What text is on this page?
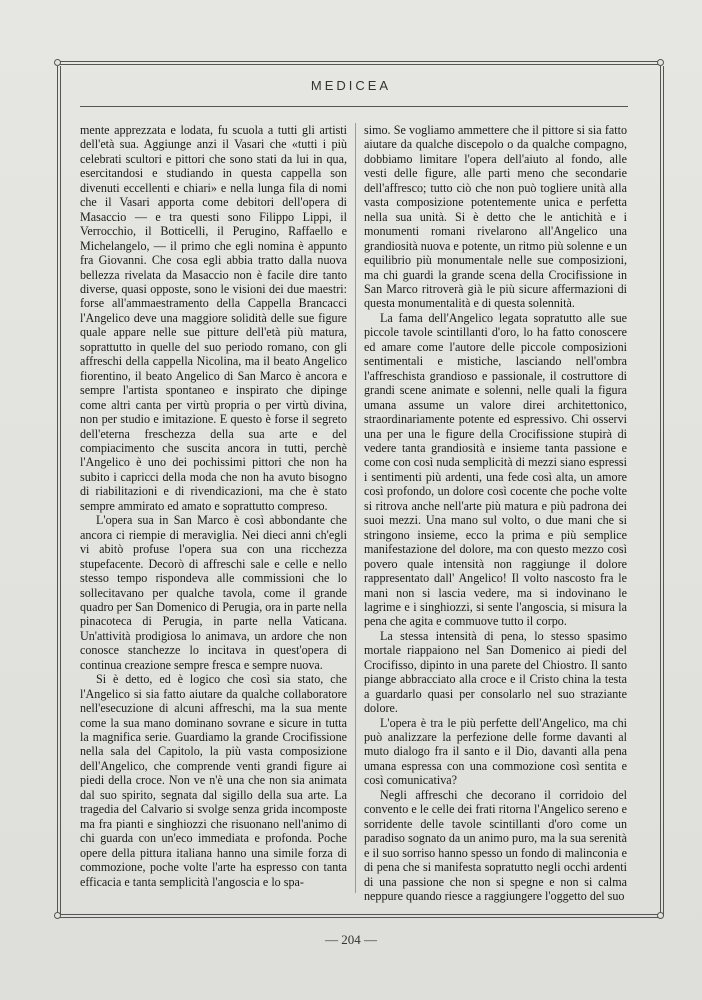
MEDICEA

mente apprezzata e lodata, fu scuola a tutti gli artisti dell'età sua. Aggiunge anzi il Vasari che «tutti i più celebrati scultori e pittori che sono stati da lui in qua, esercitandosi e studiando in questa cappella son divenuti eccellenti e chiari» e nella lunga fila di nomi che il Vasari apporta come debitori dell'opera di Masaccio — e tra questi sono Filippo Lippi, il Verrocchio, il Botticelli, il Perugino, Raffaello e Michelangelo, — il primo che egli nomina è appunto fra Giovanni. Che cosa egli abbia tratto dalla nuova bellezza rivelata da Masaccio non è facile dire tanto diverse, quasi opposte, sono le visioni dei due maestri: forse all'ammaestramento della Cappella Brancacci l'Angelico deve una maggiore solidità delle sue figure quale appare nelle sue pitture dell'età più matura, soprattutto in quelle del suo periodo romano, con gli affreschi della cappella Nicolina, ma il beato Angelico fiorentino, il beato Angelico di San Marco è ancora e sempre l'artista spontaneo e inspirato che dipinge come altri canta per virtù propria o per virtù divina, non per studio e imitazione. E questo è forse il segreto dell'eterna freschezza della sua arte e del compiacimento che suscita ancora in tutti, perchè l'Angelico è uno dei pochissimi pittori che non ha subito i capricci della moda che non ha avuto bisogno di riabilitazioni e di rivendicazioni, ma che è stato sempre ammirato ed amato e soprattutto compreso.

L'opera sua in San Marco è così abbondante che ancora ci riempie di meraviglia. Nei dieci anni ch'egli vi abitò profuse l'opera sua con una ricchezza stupefacente. Decorò di affreschi sale e celle e nello stesso tempo rispondeva alle commissioni che lo sollecitavano per qualche tavola, come il grande quadro per San Domenico di Perugia, ora in parte nella pinacoteca di Perugia, in parte nella Vaticana. Un'attività prodigiosa lo animava, un ardore che non conosce stanchezze lo incitava in quest'opera di continua creazione sempre fresca e sempre nuova.

Si è detto, ed è logico che così sia stato, che l'Angelico si sia fatto aiutare da qualche collaboratore nell'esecuzione di alcuni affreschi, ma la sua mente come la sua mano dominano sovrane e sicure in tutta la magnifica serie. Guardiamo la grande Crocifissione nella sala del Capitolo, la più vasta composizione dell'Angelico, che comprende venti grandi figure ai piedi della croce. Non ve n'è una che non sia animata dal suo spirito, segnata dal sigillo della sua arte. La tragedia del Calvario si svolge senza grida incomposte ma fra pianti e singhiozzi che risuonano nell'animo di chi guarda con un'eco immediata e profonda. Poche opere della pittura italiana hanno una simile forza di commozione, poche volte l'arte ha espresso con tanta efficacia e tanta semplicità l'angoscia e lo spa-

simo. Se vogliamo ammettere che il pittore si sia fatto aiutare da qualche discepolo o da qualche compagno, dobbiamo limitare l'opera dell'aiuto al fondo, alle vesti delle figure, alle parti meno che secondarie dell'affresco; tutto ciò che non può togliere unità alla vasta composizione potentemente unica e perfetta nella sua unità. Si è detto che le antichità e i monumenti romani rivelarono all'Angelico una grandiosità nuova e potente, un ritmo più solenne e un equilibrio più monumentale nelle sue composizioni, ma chi guardi la grande scena della Crocifissione in San Marco ritroverà già le più sicure affermazioni di questa monumentalità e di questa solennità.

La fama dell'Angelico legata sopratutto alle sue piccole tavole scintillanti d'oro, lo ha fatto conoscere ed amare come l'autore delle piccole composizioni sentimentali e mistiche, lasciando nell'ombra l'affreschista grandioso e passionale, il costruttore di grandi scene animate e solenni, nelle quali la figura umana assume un valore direi architettonico, straordinariamente potente ed espressivo. Chi osservi una per una le figure della Crocifissione stupirà di vedere tanta grandiosità e insieme tanta passione e come con così nuda semplicità di mezzi siano espressi i sentimenti più ardenti, una fede così alta, un amore così profondo, un dolore così cocente che poche volte si ritrova anche nell'arte più matura e più padrona dei suoi mezzi. Una mano sul volto, o due mani che si stringono insieme, ecco la prima e più semplice manifestazione del dolore, ma con questo mezzo così povero quale intensità non raggiunge il dolore rappresentato dall' Angelico! Il volto nascosto fra le mani non si lascia vedere, ma si indovinano le lagrime e i singhiozzi, si sente l'angoscia, si misura la pena che agita e commuove tutto il corpo.

La stessa intensità di pena, lo stesso spasimo mortale riappaiono nel San Domenico ai piedi del Crocifisso, dipinto in una parete del Chiostro. Il santo piange abbracciato alla croce e il Cristo china la testa a guardarlo quasi per consolarlo nel suo straziante dolore.

L'opera è tra le più perfette dell'Angelico, ma chi può analizzare la perfezione delle forme davanti al muto dialogo fra il santo e il Dio, davanti alla pena umana espressa con una commozione così sentita e così comunicativa?

Negli affreschi che decorano il corridoio del convento e le celle dei frati ritorna l'Angelico sereno e sorridente delle tavole scintillanti d'oro come un paradiso sognato da un animo puro, ma la sua serenità e il suo sorriso hanno spesso un fondo di malinconia e di pena che si manifesta sopratutto negli occhi ardenti di una passione che non si spegne e non si calma neppure quando riesce a raggiungere l'oggetto del suo

— 204 —
